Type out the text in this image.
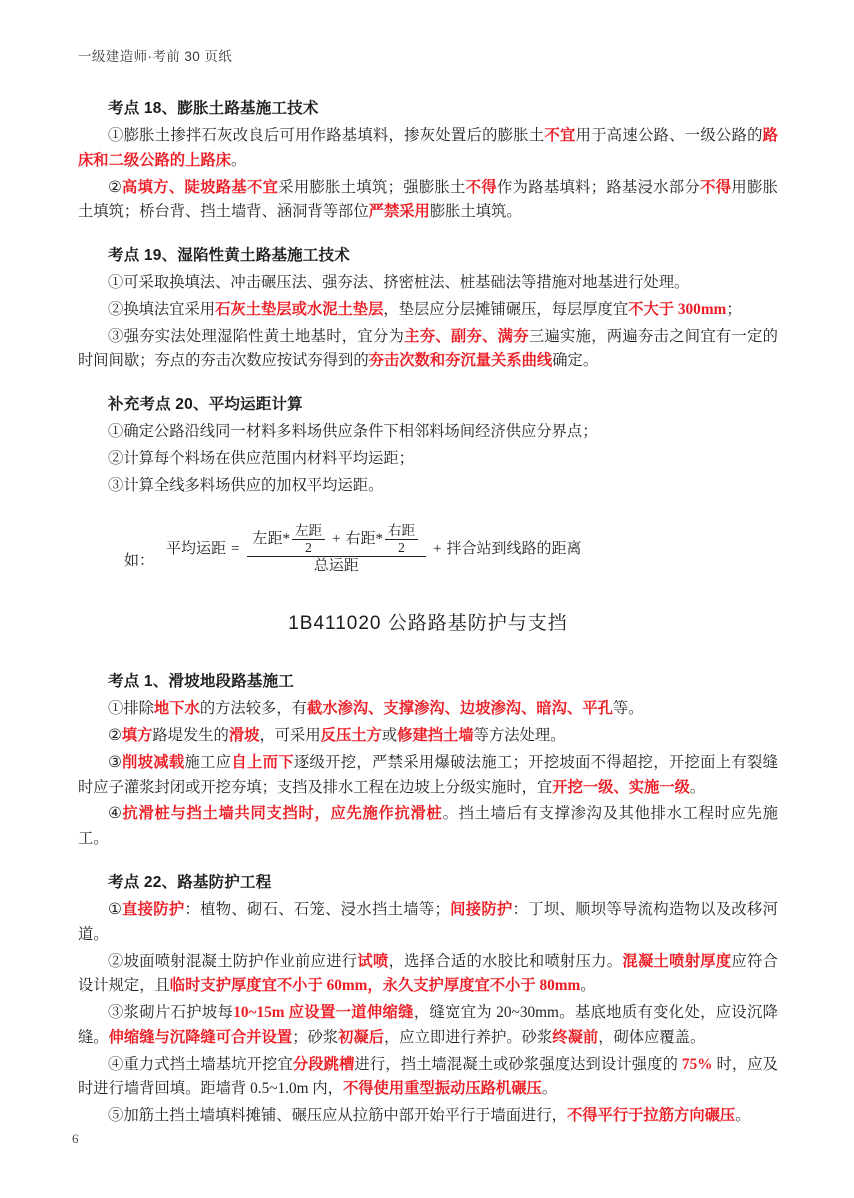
一级建造师·考前 30 页纸
考点 18、膨胀土路基施工技术

①膨胀土掺拌石灰改良后可用作路基填料，掺灰处置后的膨胀土不宜用于高速公路、一级公路的路床和二级公路的上路床。

②高填方、陡坡路基不宜采用膨胀土填筑；强膨胀土不得作为路基填料；路基浸水部分不得用膨胀土填筑；桥台背、挡土墙背、涵洞背等部位严禁采用膨胀土填筑。

考点 19、湿陷性黄土路基施工技术

①可采取换填法、冲击碾压法、强夯法、挤密桩法、桩基础法等措施对地基进行处理。

②换填法宜采用石灰土垫层或水泥土垫层，垫层应分层摊铺碾压，每层厚度宜不大于 300mm；

③强夯实法处理湿陷性黄土地基时，宜分为主夯、副夯、满夯三遍实施，两遍夯击之间宜有一定的时间间歇；夯点的夯击次数应按试夯得到的夯击次数和夯沉量关系曲线确定。

补充考点 20、平均运距计算

①确定公路沿线同一材料多料场供应条件下相邻料场间经济供应分界点；

②计算每个料场在供应范围内材料平均运距；

③计算全线多料场供应的加权平均运距。

如：
平均运距 =
左距 * $\frac{\text{左距}}{2}$ + 右距 * $\frac{\text{右距}}{2}$
总运距
+ 拌合站到线路的距离
1B411020 公路路基防护与支挡
考点 1、滑坡地段路基施工

①排除地下水的方法较多，有截水渗沟、支撑渗沟、边坡渗沟、暗沟、平孔等。

②填方路堤发生的滑坡，可采用反压土方或修建挡土墙等方法处理。

③削坡减载施工应自上而下逐级开挖，严禁采用爆破法施工；开挖坡面不得超挖，开挖面上有裂缝时应子灌浆封闭或开挖夯填；支挡及排水工程在边坡上分级实施时，宜开挖一级、实施一级。

④抗滑桩与挡土墙共同支挡时，应先施作抗滑桩。挡土墙后有支撑渗沟及其他排水工程时应先施工。

考点 22、路基防护工程

①直接防护：植物、砌石、石笼、浸水挡土墙等；间接防护：丁坝、顺坝等导流构造物以及改移河道。

②坡面喷射混凝土防护作业前应进行试喷，选择合适的水胶比和喷射压力。混凝土喷射厚度应符合设计规定，且临时支护厚度宜不小于 60mm，永久支护厚度宜不小于 80mm。

③浆砌片石护坡每10~15m 应设置一道伸缩缝，缝宽宜为 20~30mm。基底地质有变化处，应设沉降缝。伸缩缝与沉降缝可合并设置；砂浆初凝后，应立即进行养护。砂浆终凝前，砌体应覆盖。

④重力式挡土墙基坑开挖宜分段跳槽进行，挡土墙混凝土或砂浆强度达到设计强度的 75% 时，应及时进行墙背回填。距墙背 0.5~1.0m 内，不得使用重型振动压路机碾压。

⑤加筋土挡土墙填料摊铺、碾压应从拉筋中部开始平行于墙面进行，不得平行于拉筋方向碾压。

6
